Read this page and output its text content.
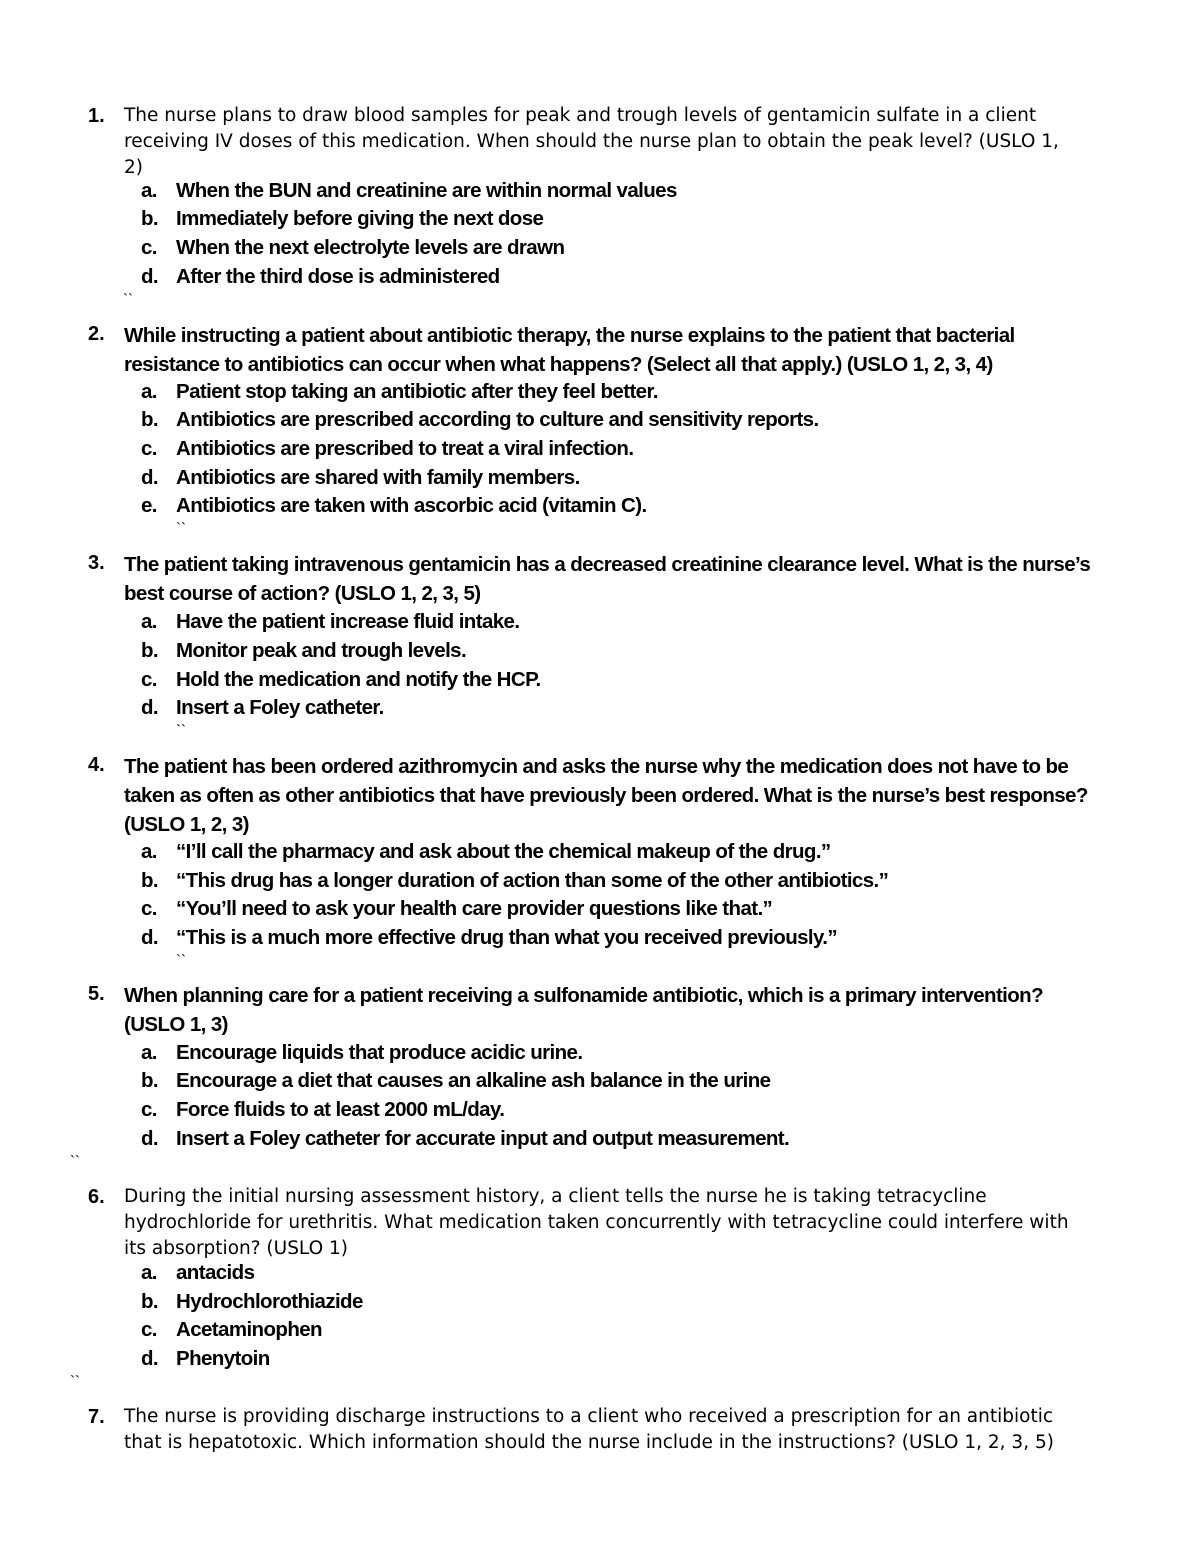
1. The nurse plans to draw blood samples for peak and trough levels of gentamicin sulfate in a client
receiving IV doses of this medication. When should the nurse plan to obtain the peak level? (USLO 1,
2)
a. When the BUN and creatinine are within normal values
b. Immediately before giving the next dose
c. When the next electrolyte levels are drawn
d. After the third dose is administered
``
2. While instructing a patient about antibiotic therapy, the nurse explains to the patient that bacterial
resistance to antibiotics can occur when what happens? (Select all that apply.) (USLO 1, 2, 3, 4)
a. Patient stop taking an antibiotic after they feel better.
b. Antibiotics are prescribed according to culture and sensitivity reports.
c. Antibiotics are prescribed to treat a viral infection.
d. Antibiotics are shared with family members.
e. Antibiotics are taken with ascorbic acid (vitamin C).
``
3. The patient taking intravenous gentamicin has a decreased creatinine clearance level. What is the nurse’s
best course of action? (USLO 1, 2, 3, 5)
a. Have the patient increase fluid intake.
b. Monitor peak and trough levels.
c. Hold the medication and notify the HCP.
d. Insert a Foley catheter.
``
4. The patient has been ordered azithromycin and asks the nurse why the medication does not have to be
taken as often as other antibiotics that have previously been ordered. What is the nurse’s best response?
(USLO 1, 2, 3)
a. “I’ll call the pharmacy and ask about the chemical makeup of the drug.”
b. “This drug has a longer duration of action than some of the other antibiotics.”
c. “You’ll need to ask your health care provider questions like that.”
d. “This is a much more effective drug than what you received previously.”
``
5. When planning care for a patient receiving a sulfonamide antibiotic, which is a primary intervention?
(USLO 1, 3)
a. Encourage liquids that produce acidic urine.
b. Encourage a diet that causes an alkaline ash balance in the urine
c. Force fluids to at least 2000 mL/day.
d. Insert a Foley catheter for accurate input and output measurement.
``
6. During the initial nursing assessment history, a client tells the nurse he is taking tetracycline
hydrochloride for urethritis. What medication taken concurrently with tetracycline could interfere with
its absorption? (USLO 1)
a. antacids
b. Hydrochlorothiazide
c. Acetaminophen
d. Phenytoin
``
7. The nurse is providing discharge instructions to a client who received a prescription for an antibiotic
that is hepatotoxic. Which information should the nurse include in the instructions? (USLO 1, 2, 3, 5)
